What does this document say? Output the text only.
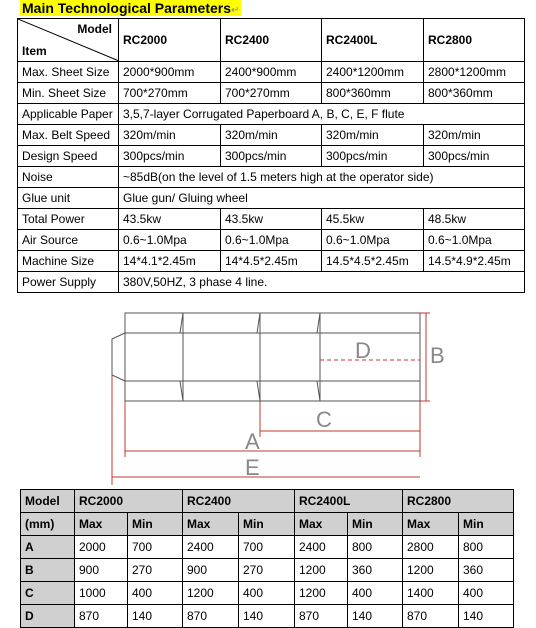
Main Technological Parameters↵
Model
Item	RC2000	RC2400	RC2400L	RC2800
Max. Sheet Size	2000*900mm	2400*900mm	2400*1200mm	2800*1200mm
Min. Sheet Size	700*270mm	700*270mm	800*360mm	800*360mm
Applicable Paper	3,5,7-layer Corrugated Paperboard A, B, C, E, F flute			
Max. Belt Speed	320m/min	320m/min	320m/min	320m/min
Design Speed	300pcs/min	300pcs/min	300pcs/min	300pcs/min
Noise	~85dB(on the level of 1.5 meters high at the operator side)			
Glue unit	Glue gun/ Gluing wheel			
Total Power	43.5kw	43.5kw	45.5kw	48.5kw
Air Source	0.6~1.0Mpa	0.6~1.0Mpa	0.6~1.0Mpa	0.6~1.0Mpa
Machine Size	14*4.1*2.45m	14*4.5*2.45m	14.5*4.5*2.45m	14.5*4.9*2.45m
Power Supply	380V,50HZ, 3 phase 4 line.			
A
B
C
D
E
Model	RC2000		RC2400		RC2400L		RC2800	
(mm)	Max	Min	Max	Min	Max	Min	Max	Min
A	2000	700	2400	700	2400	800	2800	800
B	900	270	900	270	1200	360	1200	360
C	1000	400	1200	400	1200	400	1400	400
D	870	140	870	140	870	140	870	140
